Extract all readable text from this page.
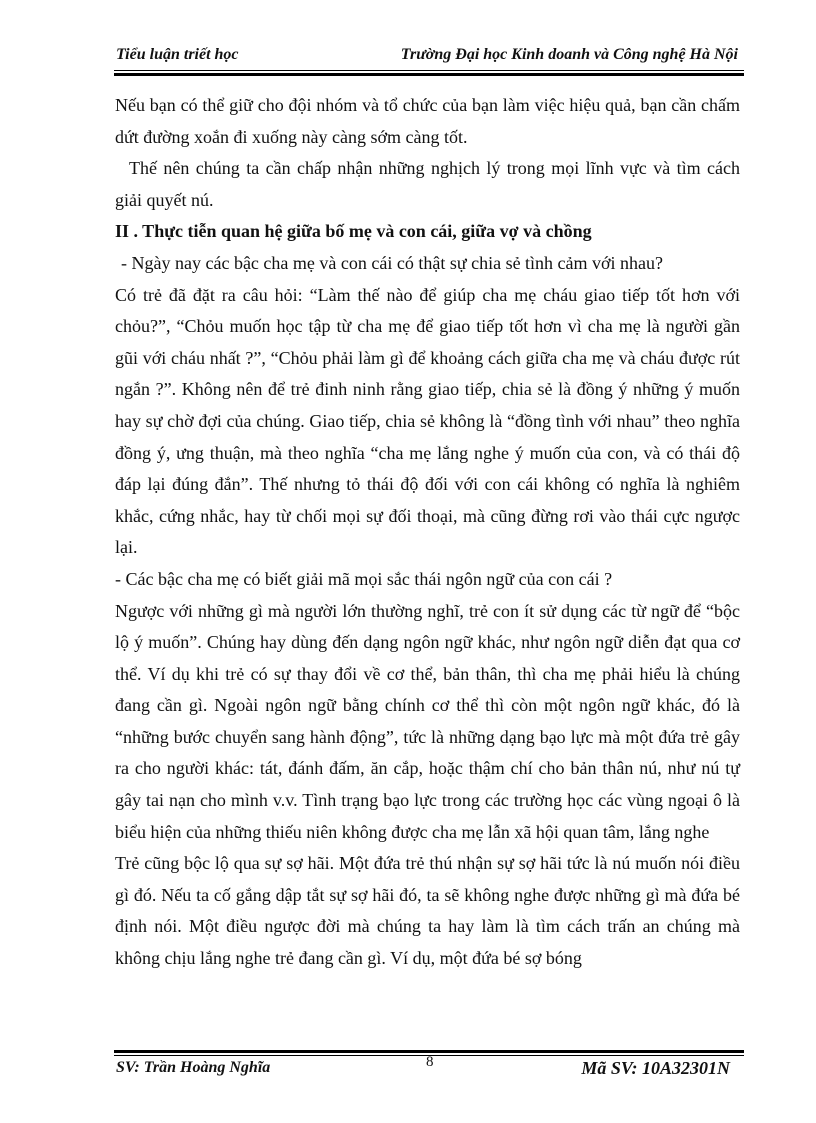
Tiểu luận triết học	Trường Đại học Kinh doanh và Công nghệ Hà Nội

Nếu bạn có thể giữ cho đội nhóm và tổ chức của bạn làm việc hiệu quả, bạn cần chấm dứt đường xoắn đi xuống này càng sớm càng tốt.

Thế nên chúng ta cần chấp nhận những nghịch lý trong mọi lĩnh vực và tìm cách giải quyết nú.

II . Thực tiễn quan hệ giữa bố mẹ và con cái, giữa vợ và chồng

- Ngày nay các bậc cha mẹ và con cái có thật sự chia sẻ tình cảm với nhau?

Có trẻ đã đặt ra câu hỏi: “Làm thế nào để giúp cha mẹ cháu giao tiếp tốt hơn với chỏu?”, “Chỏu muốn học tập từ cha mẹ để giao tiếp tốt hơn vì cha mẹ là người gần gũi với cháu nhất ?”, “Chỏu phải làm gì để khoảng cách giữa cha mẹ và cháu được rút ngắn ?”. Không nên để trẻ đinh ninh rằng giao tiếp, chia sẻ là đồng ý những ý muốn hay sự chờ đợi của chúng. Giao tiếp, chia sẻ không là “đồng tình với nhau” theo nghĩa đồng ý, ưng thuận, mà theo nghĩa “cha mẹ lắng nghe ý muốn của con, và có thái độ đáp lại đúng đắn”. Thế nhưng tỏ thái độ đối với con cái không có nghĩa là nghiêm khắc, cứng nhắc, hay từ chối mọi sự đối thoại, mà cũng đừng rơi vào thái cực ngược lại.

- Các bậc cha mẹ có biết giải mã mọi sắc thái ngôn ngữ của con cái ?

Ngược với những gì mà người lớn thường nghĩ, trẻ con ít sử dụng các từ ngữ để “bộc lộ ý muốn”. Chúng hay dùng đến dạng ngôn ngữ khác, như ngôn ngữ diễn đạt qua cơ thể. Ví dụ khi trẻ có sự thay đổi về cơ thể, bản thân, thì cha mẹ phải hiểu là chúng đang cần gì. Ngoài ngôn ngữ bằng chính cơ thể thì còn một ngôn ngữ khác, đó là “những bước chuyển sang hành động”, tức là những dạng bạo lực mà một đứa trẻ gây ra cho người khác: tát, đánh đấm, ăn cắp, hoặc thậm chí cho bản thân nú, như nú tự gây tai nạn cho mình v.v. Tình trạng bạo lực trong các trường học các vùng ngoại ô là biểu hiện của những thiếu niên không được cha mẹ lẫn xã hội quan tâm, lắng nghe

Trẻ cũng bộc lộ qua sự sợ hãi. Một đứa trẻ thú nhận sự sợ hãi tức là nú muốn nói điều gì đó. Nếu ta cố gắng dập tắt sự sợ hãi đó, ta sẽ không nghe được những gì mà đứa bé định nói. Một điều ngược đời mà chúng ta hay làm là tìm cách trấn an chúng mà không chịu lắng nghe trẻ đang cần gì. Ví dụ, một đứa bé sợ bóng

SV: Trần Hoàng Nghĩa	8	Mã SV: 10A32301N
